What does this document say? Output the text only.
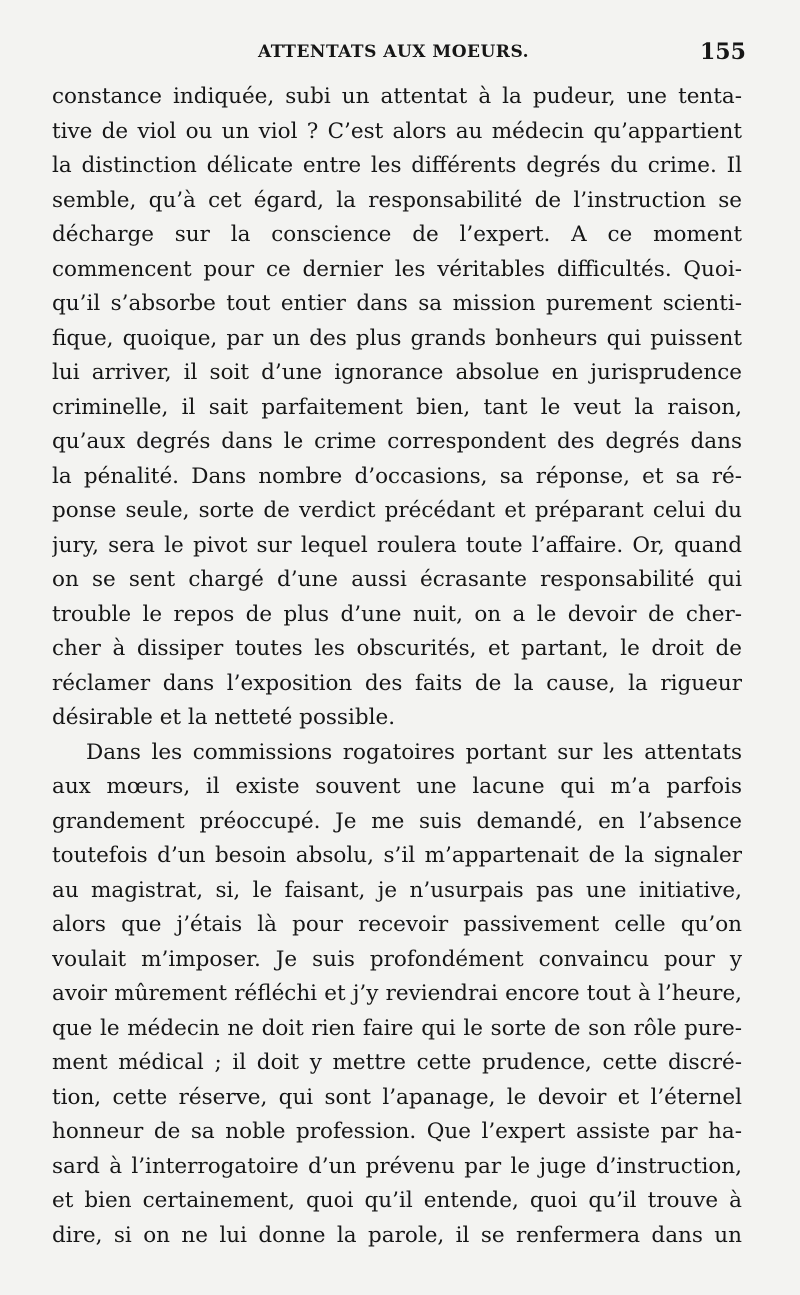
ATTENTATS AUX MOEURS.	155
constance indiquée, subi un attentat à la pudeur, une tenta-
tive de viol ou un viol ? C’est alors au médecin qu’appartient
la distinction délicate entre les différents degrés du crime. Il
semble, qu’à cet égard, la responsabilité de l’instruction se
décharge sur la conscience de l’expert. A ce moment
commencent pour ce dernier les véritables difficultés. Quoi-
qu’il s’absorbe tout entier dans sa mission purement scienti-
fique, quoique, par un des plus grands bonheurs qui puissent
lui arriver, il soit d’une ignorance absolue en jurisprudence
criminelle, il sait parfaitement bien, tant le veut la raison,
qu’aux degrés dans le crime correspondent des degrés dans
la pénalité. Dans nombre d’occasions, sa réponse, et sa ré-
ponse seule, sorte de verdict précédant et préparant celui du
jury, sera le pivot sur lequel roulera toute l’affaire. Or, quand
on se sent chargé d’une aussi écrasante responsabilité qui
trouble le repos de plus d’une nuit, on a le devoir de cher-
cher à dissiper toutes les obscurités, et partant, le droit de
réclamer dans l’exposition des faits de la cause, la rigueur
désirable et la netteté possible.
Dans les commissions rogatoires portant sur les attentats
aux mœurs, il existe souvent une lacune qui m’a parfois
grandement préoccupé. Je me suis demandé, en l’absence
toutefois d’un besoin absolu, s’il m’appartenait de la signaler
au magistrat, si, le faisant, je n’usurpais pas une initiative,
alors que j’étais là pour recevoir passivement celle qu’on
voulait m’imposer. Je suis profondément convaincu pour y
avoir mûrement réfléchi et j’y reviendrai encore tout à l’heure,
que le médecin ne doit rien faire qui le sorte de son rôle pure-
ment médical ; il doit y mettre cette prudence, cette discré-
tion, cette réserve, qui sont l’apanage, le devoir et l’éternel
honneur de sa noble profession. Que l’expert assiste par ha-
sard à l’interrogatoire d’un prévenu par le juge d’instruction,
et bien certainement, quoi qu’il entende, quoi qu’il trouve à
dire, si on ne lui donne la parole, il se renfermera dans un
